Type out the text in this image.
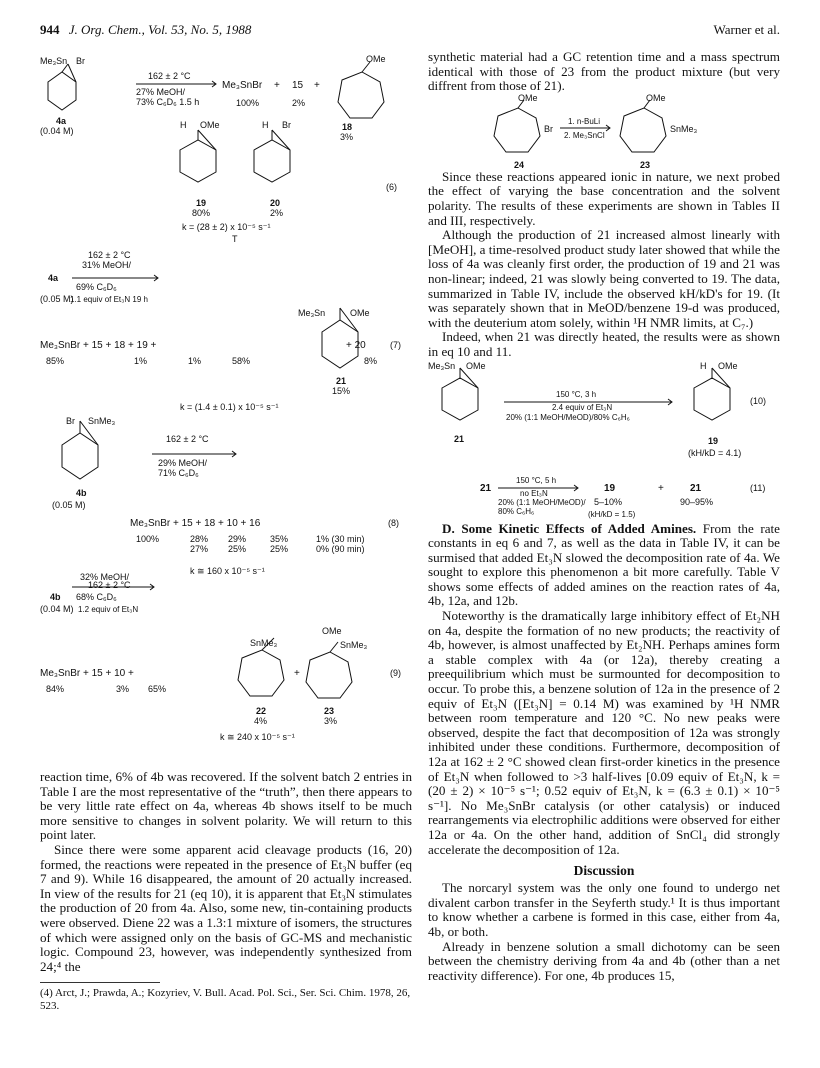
944 J. Org. Chem., Vol. 53, No. 5, 1988	Warner et al.
Me₃Sn Br
162 ± 2 °C
27% MeOH/
73% C₆D₆ 1.5 h
Me₃SnBr + 15 +
100%	2%
OMe
4a
(0.04 M)	18
3%
H OMe	H Br
(6)
19
80%
20
2%
k = (28 ± 2) x 10⁻⁵ s⁻¹
T
162 ± 2 °C
31% MeOH/
4a
69% C₆D₆
(0.05 M)
1.1 equiv of Et₃N 19 h
Me₃Sn	OMe
Me₃SnBr + 15 + 18 + 19 +	+ 20	(7)
85%	1%	1%	58%	8%
21
15%
k = (1.4 ± 0.1) x 10⁻⁵ s⁻¹
Br SnMe₃
162 ± 2 °C
29% MeOH/
71% C₆D₆
4b
(0.05 M)
Me₃SnBr + 15 + 18 + 10 + 16	(8)
100%	28% 29%	35%	1% (30 min)
27% 25%	25%	0% (90 min)
k ≅ 160 x 10⁻⁵ s⁻¹
162 ± 2 °C
32% MeOH/
4b 68% C₆D₆
(0.04 M) 1.2 equiv of Et₃N
SnMe₃
OMe
SnMe₃
Me₃SnBr + 15 + 10 +	+	(9)
84%	3% 65%
22
4%
23
3%
k ≅ 240 x 10⁻⁵ s⁻¹

reaction time, 6% of 4b was recovered. If the solvent batch 2 entries in Table I are the most representative of the “truth”, then there appears to be very little rate effect on 4a, whereas 4b shows itself to be much more sensitive to changes in solvent polarity. We will return to this point later.

Since there were some apparent acid cleavage products (16, 20) formed, the reactions were repeated in the presence of Et₃N buffer (eq 7 and 9). While 16 disappeared, the amount of 20 actually increased. In view of the results for 21 (eq 10), it is apparent that Et₃N stimulates the production of 20 from 4a. Also, some new, tin-containing products were observed. Diene 22 was a 1.3:1 mixture of isomers, the structures of which were assigned only on the basis of GC-MS and mechanistic logic. Compound 23, however, was independently synthesized from 24;⁴ the

(4) Arct, J.; Prawda, A.; Kozyriev, V. Bull. Acad. Pol. Sci., Ser. Sci. Chim. 1978, 26, 523.

synthetic material had a GC retention time and a mass spectrum identical with those of 23 from the product mixture (but very diffrent from those of 21).

OMe
Br
1. n-BuLi
2. Me₃SnCl
OMe
SnMe₃
24	23

Since these reactions appeared ionic in nature, we next probed the effect of varying the base concentration and the solvent polarity. The results of these experiments are shown in Tables II and III, respectively.

Although the production of 21 increased almost linearly with [MeOH], a time-resolved product study later showed that while the loss of 4a was cleanly first order, the production of 19 and 21 was non-linear; indeed, 21 was slowly being converted to 19. The data, summarized in Table IV, include the observed kH/kD's for 19. (It was separately shown that in MeOD/benzene 19-d was produced, with the deuterium atom solely, within ¹H NMR limits, at C₇.)

Indeed, when 21 was directly heated, the results were as shown in eq 10 and 11.

Me₃Sn OMe
150 °C, 3 h
2.4 equiv of Et₃N
20% (1:1 MeOH/MeOD)/80% C₆H₆
H OMe
(10)
21	19
(kH/kD = 4.1)
21
150 °C, 5 h
no Et₃N
20% (1:1 MeOH/MeOD)/
80% C₆H₆
19	+	21	(11)
5–10%	90–95%
(kH/kD = 1.5)

D. Some Kinetic Effects of Added Amines. From the rate constants in eq 6 and 7, as well as the data in Table IV, it can be surmised that added Et₃N slowed the decomposition rate of 4a. We sought to explore this phenomenon a bit more carefully. Table V shows some effects of added amines on the reaction rates of 4a, 4b, 12a, and 12b.

Noteworthy is the dramatically large inhibitory effect of Et₂NH on 4a, despite the formation of no new products; the reactivity of 4b, however, is almost unaffected by Et₂NH. Perhaps amines form a stable complex with 4a (or 12a), thereby creating a preequilibrium which must be surmounted for decomposition to occur. To probe this, a benzene solution of 12a in the presence of 2 equiv of Et₃N ([Et₃N] = 0.14 M) was examined by ¹H NMR between room temperature and 120 °C. No new peaks were observed, despite the fact that decomposition of 12a was strongly inhibited under these conditions. Furthermore, decomposition of 12a at 162 ± 2 °C showed clean first-order kinetics in the presence of Et₃N when followed to >3 half-lives [0.09 equiv of Et₃N, k = (20 ± 2) × 10⁻⁵ s⁻¹; 0.52 equiv of Et₃N, k = (6.3 ± 0.1) × 10⁻⁵ s⁻¹]. No Me₃SnBr catalysis (or other catalysis) or induced rearrangements via electrophilic additions were observed for either 12a or 4a. On the other hand, addition of SnCl₄ did strongly accelerate the decomposition of 12a.

Discussion

The norcaryl system was the only one found to undergo net divalent carbon transfer in the Seyferth study.¹ It is thus important to know whether a carbene is formed in this case, either from 4a, 4b, or both.

Already in benzene solution a small dichotomy can be seen between the chemistry deriving from 4a and 4b (other than a net reactivity difference). For one, 4b produces 15,
